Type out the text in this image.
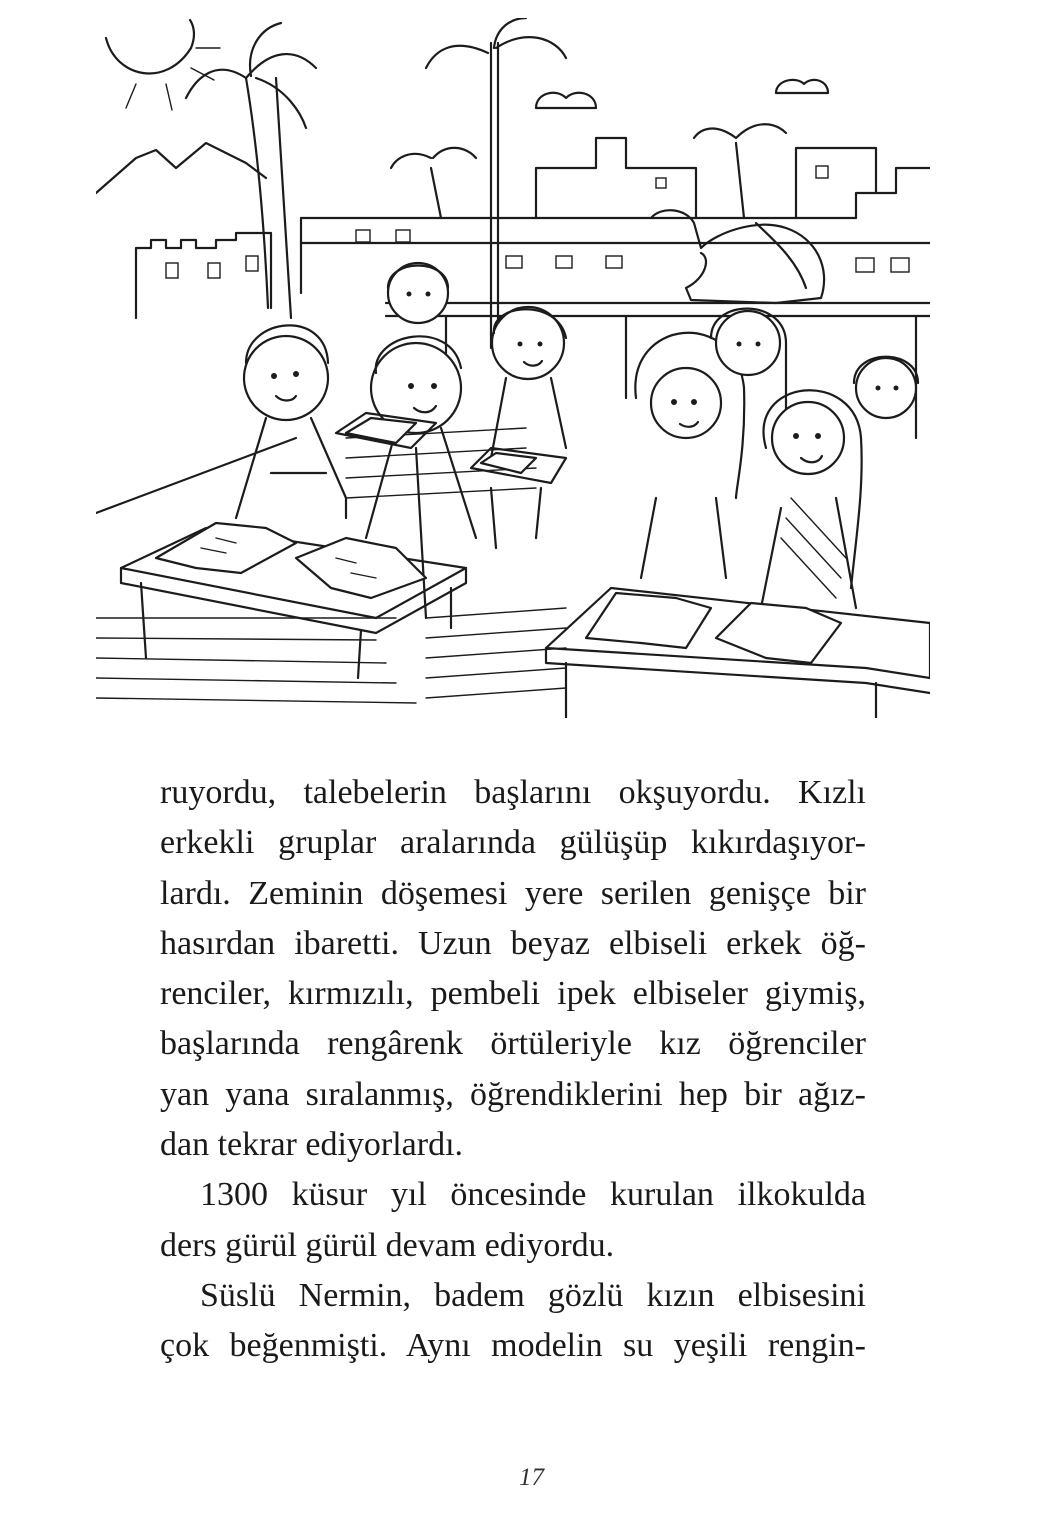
ruyordu, talebelerin başlarını okşuyordu. Kızlı
erkekli gruplar aralarında gülüşüp kıkırdaşıyor-
lardı. Zeminin döşemesi yere serilen genişçe bir
hasırdan ibaretti. Uzun beyaz elbiseli erkek öğ-
renciler, kırmızılı, pembeli ipek elbiseler giymiş,
başlarında rengârenk örtüleriyle kız öğrenciler
yan yana sıralanmış, öğrendiklerini hep bir ağız-
dan tekrar ediyorlardı.
1300 küsur yıl öncesinde kurulan ilkokulda
ders gürül gürül devam ediyordu.
Süslü Nermin, badem gözlü kızın elbisesini
çok beğenmişti. Aynı modelin su yeşili rengin-
17
